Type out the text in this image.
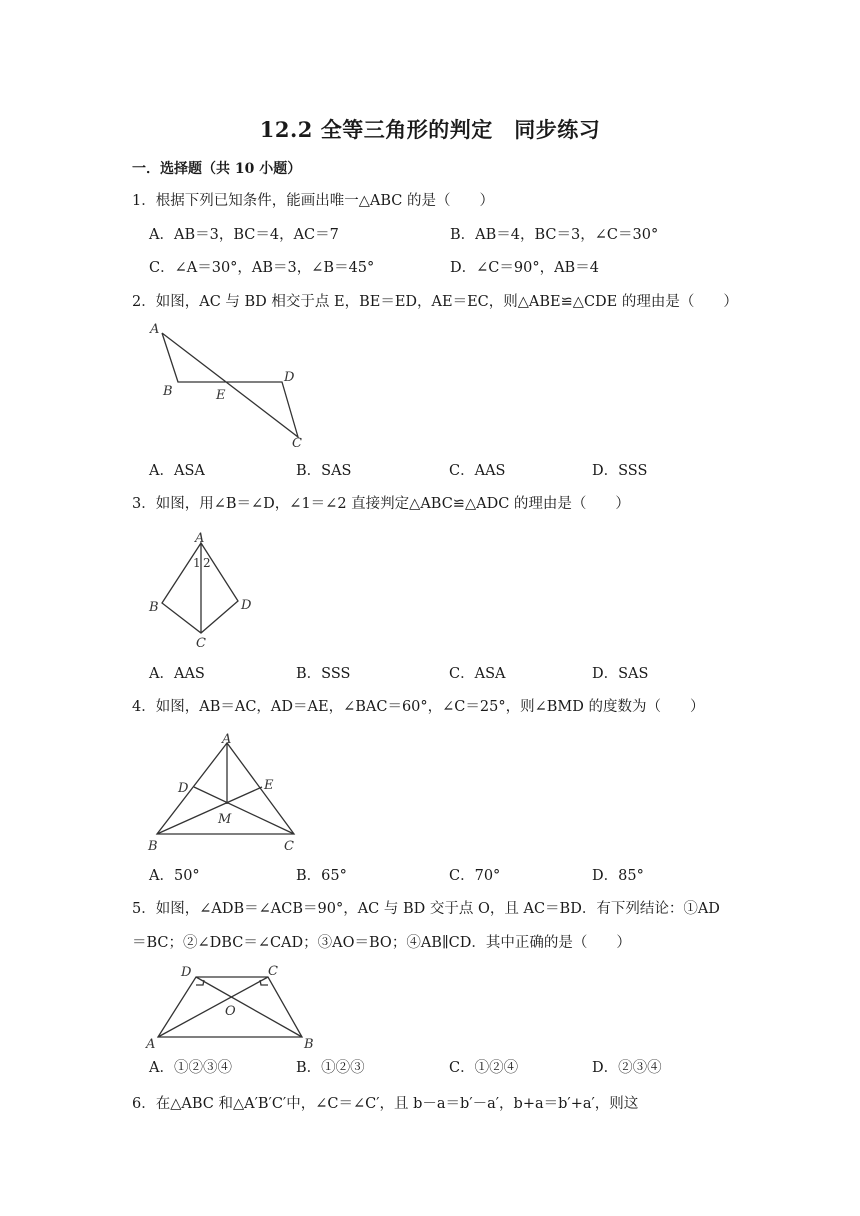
12.2 全等三角形的判定　同步练习
一．选择题（共 10 小题）
1．根据下列已知条件，能画出唯一△ABC 的是（　　）
A．AB＝3，BC＝4，AC＝7	B．AB＝4，BC＝3，∠C＝30°
C．∠A＝30°，AB＝3，∠B＝45°	D．∠C＝90°，AB＝4
2．如图，AC 与 BD 相交于点 E，BE＝ED，AE＝EC，则△ABE≌△CDE 的理由是（　　）
A
B	E
D
C
A．ASA	B．SAS	C．AAS	D．SSS
3．如图，用∠B＝∠D，∠1＝∠2 直接判定△ABC≌△ADC 的理由是（　　）
A
1 2
B	D
C
A．AAS	B．SSS	C．ASA	D．SAS
4．如图，AB＝AC，AD＝AE，∠BAC＝60°，∠C＝25°，则∠BMD 的度数为（　　）
A
D	E
M
B	C
A．50°	B．65°	C．70°	D．85°
5．如图，∠ADB＝∠ACB＝90°，AC 与 BD 交于点 O，且 AC＝BD．有下列结论：①AD
＝BC；②∠DBC＝∠CAD；③AO＝BO；④AB∥CD．其中正确的是（　　）
D	C
O
A	B
A．①②③④	B．①②③	C．①②④	D．②③④
6．在△ABC 和△A′B′C′中，∠C＝∠C′，且 b－a＝b′－a′，b+a＝b′+a′，则这
